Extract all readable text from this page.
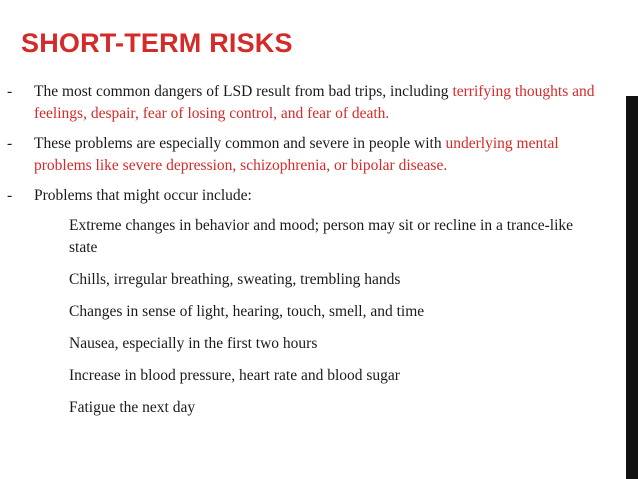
SHORT-TERM RISKS
- The most common dangers of LSD result from bad trips, including terrifying thoughts and feelings, despair, fear of losing control, and fear of death.
- These problems are especially common and severe in people with underlying mental problems like severe depression, schizophrenia, or bipolar disease.
- Problems that might occur include:
Extreme changes in behavior and mood; person may sit or recline in a trance-like state
Chills, irregular breathing, sweating, trembling hands
Changes in sense of light, hearing, touch, smell, and time
Nausea, especially in the first two hours
Increase in blood pressure, heart rate and blood sugar
Fatigue the next day
